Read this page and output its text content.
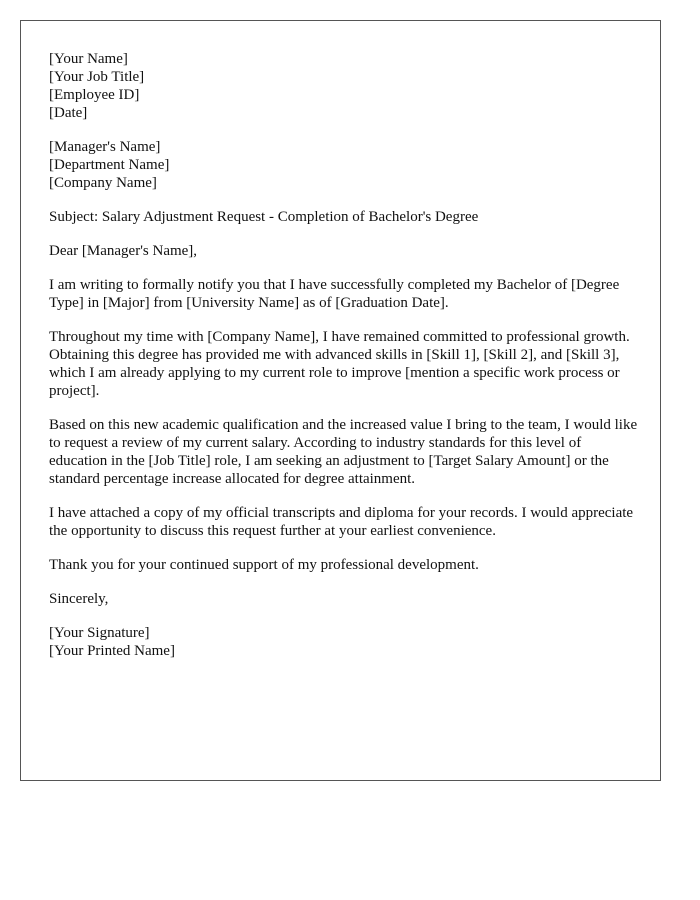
[Your Name]
[Your Job Title]
[Employee ID]
[Date]
[Manager's Name]
[Department Name]
[Company Name]

Subject: Salary Adjustment Request - Completion of Bachelor's Degree

Dear [Manager's Name],

I am writing to formally notify you that I have successfully completed my Bachelor of [Degree Type] in [Major] from [University Name] as of [Graduation Date].

Throughout my time with [Company Name], I have remained committed to professional growth. Obtaining this degree has provided me with advanced skills in [Skill 1], [Skill 2], and [Skill 3], which I am already applying to my current role to improve [mention a specific work process or project].

Based on this new academic qualification and the increased value I bring to the team, I would like to request a review of my current salary. According to industry standards for this level of education in the [Job Title] role, I am seeking an adjustment to [Target Salary Amount] or the standard percentage increase allocated for degree attainment.

I have attached a copy of my official transcripts and diploma for your records. I would appreciate the opportunity to discuss this request further at your earliest convenience.

Thank you for your continued support of my professional development.

Sincerely,

[Your Signature]
[Your Printed Name]
